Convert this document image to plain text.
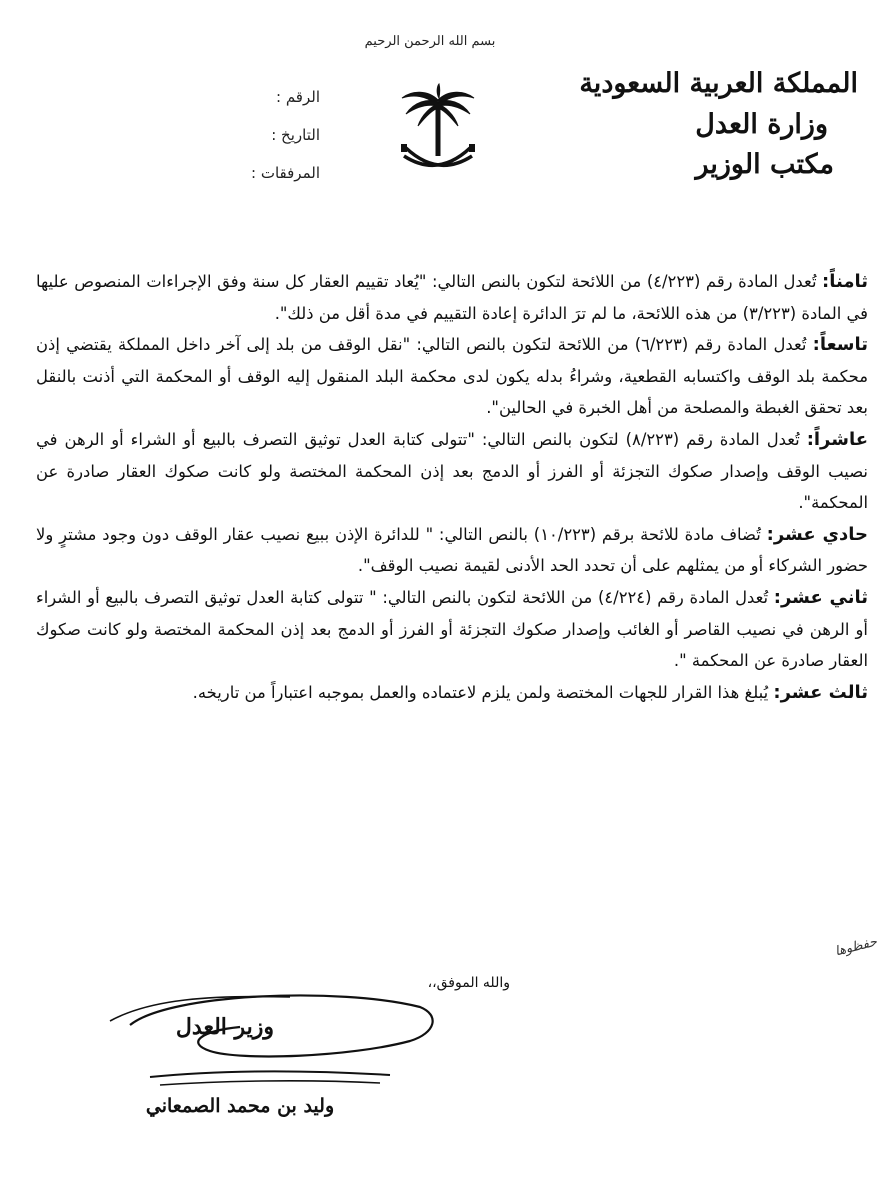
بسم الله الرحمن الرحيم
المملكة العربية السعودية
وزارة العدل
مكتب الوزير
الرقم :
التاريخ :
المرفقات :

ثامناً: تُعدل المادة رقم (٤/٢٢٣) من اللائحة لتكون بالنص التالي: "يُعاد تقييم العقار كل سنة وفق الإجراءات المنصوص عليها في المادة (٣/٢٢٣) من هذه اللائحة، ما لم ترَ الدائرة إعادة التقييم في مدة أقل من ذلك".

تاسعاً: تُعدل المادة رقم (٦/٢٢٣) من اللائحة لتكون بالنص التالي: "نقل الوقف من بلد إلى آخر داخل المملكة يقتضي إذن محكمة بلد الوقف واكتسابه القطعية، وشراءُ بدله يكون لدى محكمة البلد المنقول إليه الوقف أو المحكمة التي أذنت بالنقل بعد تحقق الغبطة والمصلحة من أهل الخبرة في الحالين".

عاشراً: تُعدل المادة رقم (٨/٢٢٣) لتكون بالنص التالي: "تتولى كتابة العدل توثيق التصرف بالبيع أو الشراء أو الرهن في نصيب الوقف وإصدار صكوك التجزئة أو الفرز أو الدمج بعد إذن المحكمة المختصة ولو كانت صكوك العقار صادرة عن المحكمة".

حادي عشر: تُضاف مادة للائحة برقم (١٠/٢٢٣) بالنص التالي: " للدائرة الإذن ببيع نصيب عقار الوقف دون وجود مشترٍ ولا حضور الشركاء أو من يمثلهم على أن تحدد الحد الأدنى لقيمة نصيب الوقف".

ثاني عشر: تُعدل المادة رقم (٤/٢٢٤) من اللائحة لتكون بالنص التالي: " تتولى كتابة العدل توثيق التصرف بالبيع أو الشراء أو الرهن في نصيب القاصر أو الغائب وإصدار صكوك التجزئة أو الفرز أو الدمج بعد إذن المحكمة المختصة ولو كانت صكوك العقار صادرة عن المحكمة ".

ثالث عشر: يُبلغ هذا القرار للجهات المختصة ولمن يلزم لاعتماده والعمل بموجبه اعتباراً من تاريخه.

حفظوها
والله الموفق،،
وزير العدل
وليد بن محمد الصمعاني
